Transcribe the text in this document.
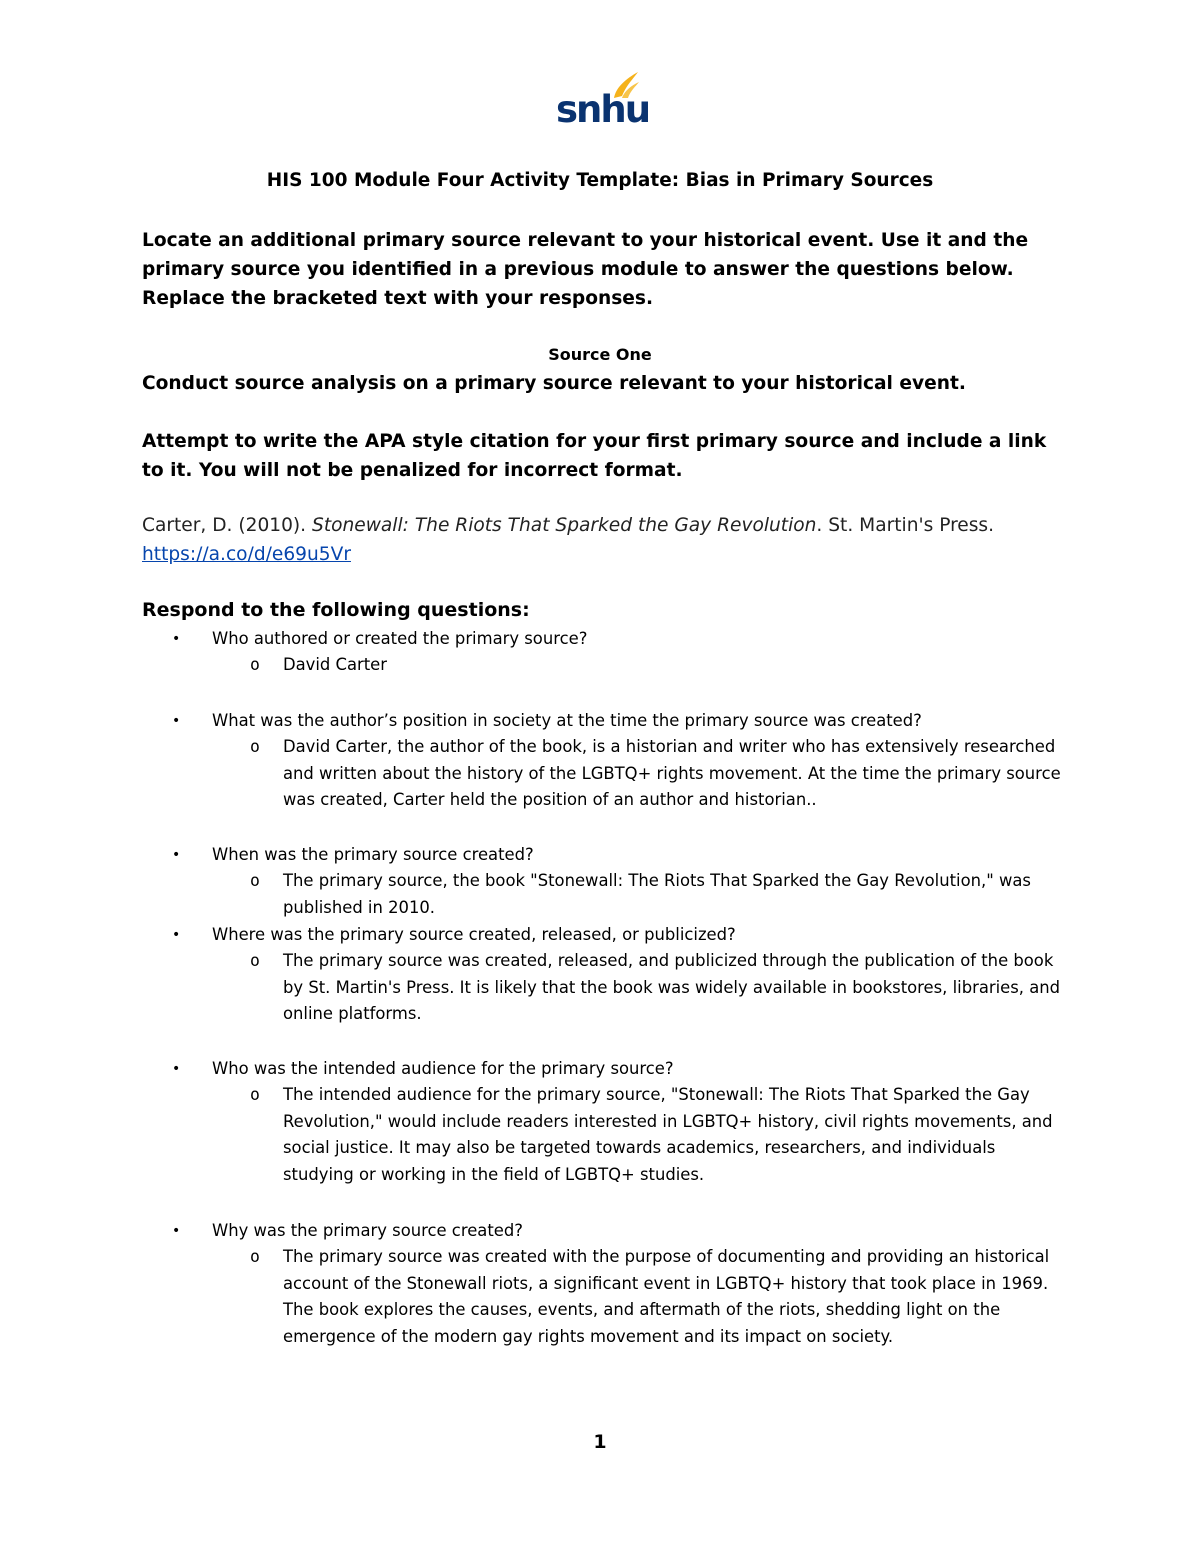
snhu
HIS 100 Module Four Activity Template: Bias in Primary Sources
Locate an additional primary source relevant to your historical event. Use it and the primary source you identified in a previous module to answer the questions below. Replace the bracketed text with your responses.
Source One
Conduct source analysis on a primary source relevant to your historical event.
Attempt to write the APA style citation for your first primary source and include a link to it. You will not be penalized for incorrect format.
Carter, D. (2010). Stonewall: The Riots That Sparked the Gay Revolution. St. Martin's Press.
https://a.co/d/e69u5Vr
Respond to the following questions:
• Who authored or created the primary source?
o David Carter
• What was the author’s position in society at the time the primary source was created?
o David Carter, the author of the book, is a historian and writer who has extensively researched and written about the history of the LGBTQ+ rights movement. At the time the primary source was created, Carter held the position of an author and historian..
• When was the primary source created?
o The primary source, the book "Stonewall: The Riots That Sparked the Gay Revolution," was published in 2010.
• Where was the primary source created, released, or publicized?
o The primary source was created, released, and publicized through the publication of the book by St. Martin's Press. It is likely that the book was widely available in bookstores, libraries, and online platforms.
• Who was the intended audience for the primary source?
o The intended audience for the primary source, "Stonewall: The Riots That Sparked the Gay Revolution," would include readers interested in LGBTQ+ history, civil rights movements, and social justice. It may also be targeted towards academics, researchers, and individuals studying or working in the field of LGBTQ+ studies.
• Why was the primary source created?
o The primary source was created with the purpose of documenting and providing an historical account of the Stonewall riots, a significant event in LGBTQ+ history that took place in 1969. The book explores the causes, events, and aftermath of the riots, shedding light on the emergence of the modern gay rights movement and its impact on society.
1
